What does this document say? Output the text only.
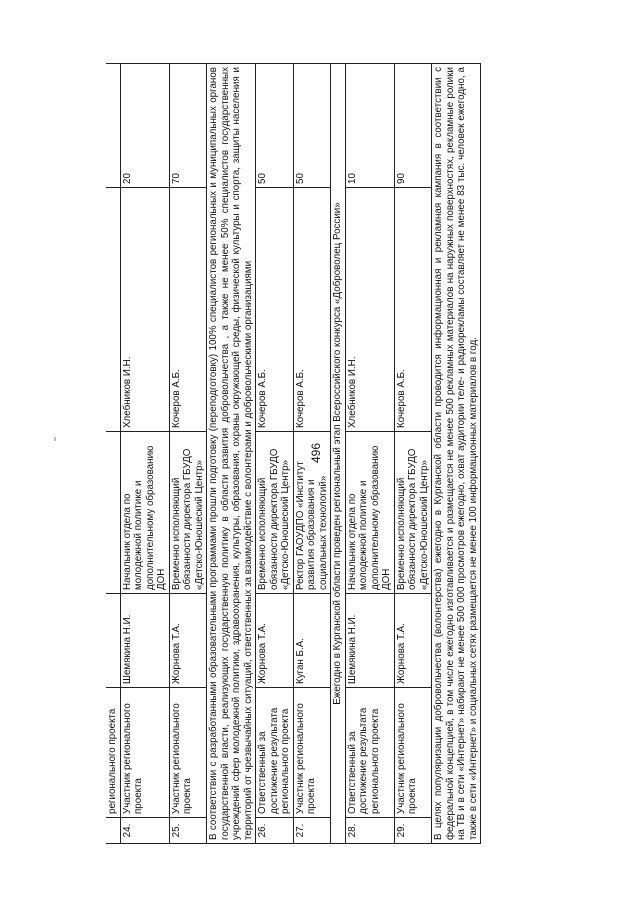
496
	регионального проекта				
24.	Участник регионального проекта	Шемякина Н.И.	Начальник отдела по молодежной политике и дополнительному образованию ДОН	Хлебников И.Н.	20
25.	Участник регионального проекта	Жорнова Т.А.	Временно исполняющий обязанности директора ГБУДО «Детско-Юношеский Центр»	Кочеров А.Б.	70
В соответствии с разработанными образовательными программами прошли подготовку (переподготовку) 100% специалистов региональных и муниципальных органов государственной власти, реализующих государственную политику в области развития добровольчества , а также не менее 50% специалистов государственных учреждений сфер молодежной политики, здравоохранения, культуры, образования, охраны окружающей среды, физической культуры и спорта, защиты населения и территорий от чрезвычайных ситуаций, ответственных за взаимодействие с волонтерами и добровольческими организациями					
26.	Ответственный за достижение результата регионального проекта	Жорнова Т.А.	Временно исполняющий обязанности директора ГБУДО «Детско-Юношеский Центр»	Кочеров А.Б.	50
27.	Участник регионального проекта	Куган Б.А.	Ректор ГАОУДПО «Институт развития образования и социальных технологий»	Кочеров А.Б.	50
Ежегодно в Курганской области проведен региональный этап Всероссийского конкурса «Доброволец России»					
28.	Ответственный за достижение результата регионального проекта	Шемякина Н.И.	Начальник отдела по молодежной политике и дополнительному образованию ДОН	Хлебников И.Н.	10
29.	Участник регионального проекта	Жорнова Т.А.	Временно исполняющий обязанности директора ГБУДО «Детско-Юношеский Центр»	Кочеров А.Б.	90
В целях популяризации добровольчества (волонтерства) ежегодно в Курганской области проводится информационная и рекламная кампания в соответствии с федеральной концепцией, в том числе ежегодно изготавливается и размещается не менее 500 рекламных материалов на наружных поверхностях, рекламные ролики на ТВ и в сети «Интернет» набирают не менее 500 000 просмотров ежегодно, охват аудитории теле- и радиорекламы составляет не менее 83 тыс. человек ежегодно, а также в сети «Интернет» и социальных сетях размещается не менее 100 информационных материалов в год.					
